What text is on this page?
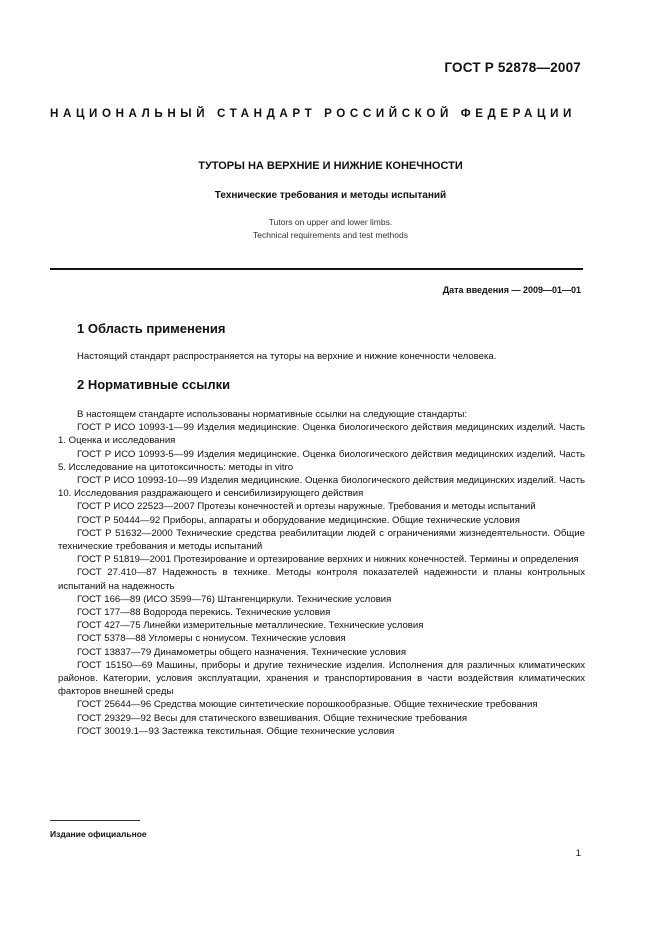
ГОСТ Р 52878—2007
НАЦИОНАЛЬНЫЙ СТАНДАРТ РОССИЙСКОЙ ФЕДЕРАЦИИ
ТУТОРЫ НА ВЕРХНИЕ И НИЖНИЕ КОНЕЧНОСТИ
Технические требования и методы испытаний
Tutors on upper and lower limbs.
Technical requirements and test methods
Дата введения — 2009—01—01
1 Область применения
Настоящий стандарт распространяется на туторы на верхние и нижние конечности человека.
2 Нормативные ссылки
В настоящем стандарте использованы нормативные ссылки на следующие стандарты:
ГОСТ Р ИСО 10993-1—99 Изделия медицинские. Оценка биологического действия медицинских изделий. Часть 1. Оценка и исследования
ГОСТ Р ИСО 10993-5—99 Изделия медицинские. Оценка биологического действия медицинских изделий. Часть 5. Исследование на цитотоксичность: методы in vitro
ГОСТ Р ИСО 10993-10—99 Изделия медицинские. Оценка биологического действия медицинских изделий. Часть 10. Исследования раздражающего и сенсибилизирующего действия
ГОСТ Р ИСО 22523—2007 Протезы конечностей и ортезы наружные. Требования и методы испытаний
ГОСТ Р 50444—92 Приборы, аппараты и оборудование медицинские. Общие технические условия
ГОСТ Р 51632—2000 Технические средства реабилитации людей с ограничениями жизнедеятельности. Общие технические требования и методы испытаний
ГОСТ Р 51819—2001 Протезирование и ортезирование верхних и нижних конечностей. Термины и определения
ГОСТ 27.410—87 Надежность в технике. Методы контроля показателей надежности и планы контрольных испытаний на надежность
ГОСТ 166—89 (ИСО 3599—76) Штангенциркули. Технические условия
ГОСТ 177—88 Водорода перекись. Технические условия
ГОСТ 427—75 Линейки измерительные металлические. Технические условия
ГОСТ 5378—88 Угломеры с нониусом. Технические условия
ГОСТ 13837—79 Динамометры общего назначения. Технические условия
ГОСТ 15150—69 Машины, приборы и другие технические изделия. Исполнения для различных климатических районов. Категории, условия эксплуатации, хранения и транспортирования в части воздействия климатических факторов внешней среды
ГОСТ 25644—96 Средства моющие синтетические порошкообразные. Общие технические требования
ГОСТ 29329—92 Весы для статического взвешивания. Общие технические требования
ГОСТ 30019.1—93 Застежка текстильная. Общие технические условия
Издание официальное
1
